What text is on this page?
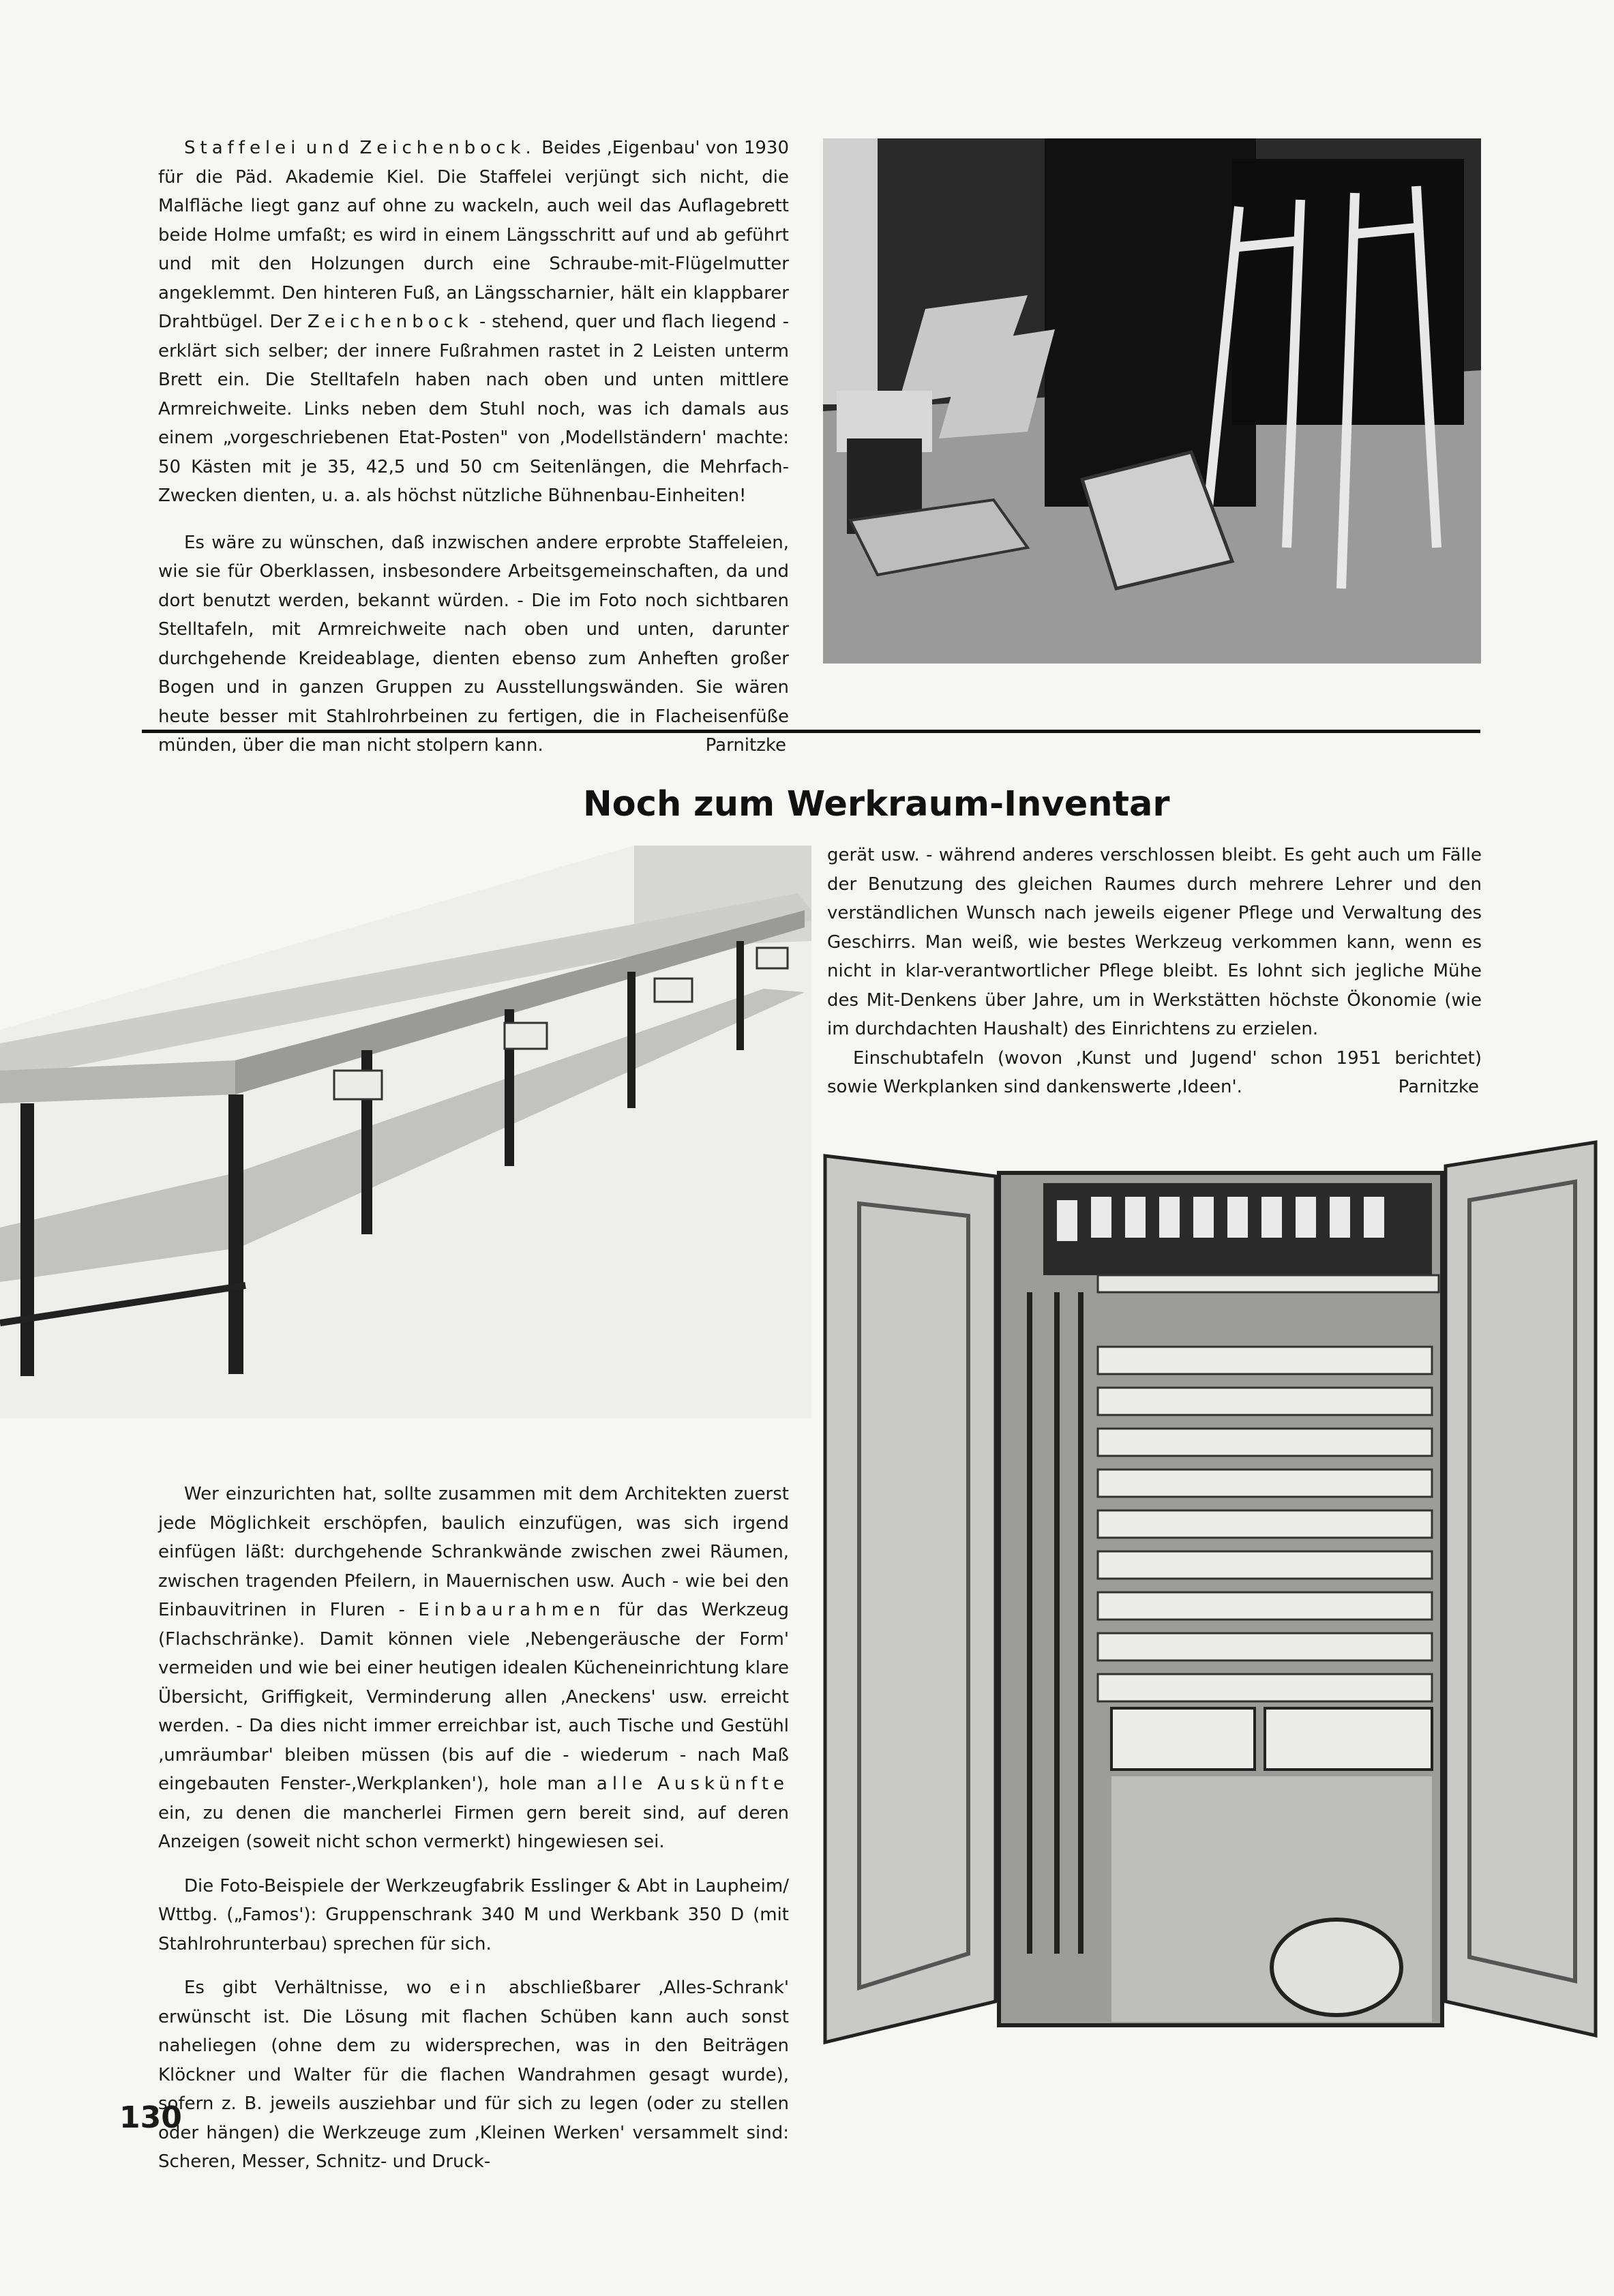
Staffelei und Zeichenbock. Beides ‚Eigenbau' von 1930 für die Päd. Akademie Kiel. Die Staffelei verjüngt sich nicht, die Malfläche liegt ganz auf ohne zu wackeln, auch weil das Auflagebrett beide Holme umfaßt; es wird in einem Längsschritt auf und ab geführt und mit den Holzungen durch eine Schraube-mit-Flügelmutter angeklemmt. Den hinteren Fuß, an Längsscharnier, hält ein klappbarer Drahtbügel. Der Zeichenbock - stehend, quer und flach liegend - erklärt sich selber; der innere Fußrahmen rastet in 2 Leisten unterm Brett ein. Die Stelltafeln haben nach oben und unten mittlere Armreichweite. Links neben dem Stuhl noch, was ich damals aus einem „vorgeschriebenen Etat-Posten" von ‚Modellständern' machte: 50 Kästen mit je 35, 42,5 und 50 cm Seitenlängen, die Mehrfach-Zwecken dienten, u. a. als höchst nützliche Bühnenbau-Einheiten!

Es wäre zu wünschen, daß inzwischen andere erprobte Staffeleien, wie sie für Oberklassen, insbesondere Arbeitsgemeinschaften, da und dort benutzt werden, bekannt würden. - Die im Foto noch sichtbaren Stelltafeln, mit Armreichweite nach oben und unten, darunter durchgehende Kreideablage, dienten ebenso zum Anheften großer Bogen und in ganzen Gruppen zu Ausstellungswänden. Sie wären heute besser mit Stahlrohrbeinen zu fertigen, die in Flacheisenfüße münden, über die man nicht stolpern kann.	Parnitzke

Noch zum Werkraum-Inventar

gerät usw. - während anderes verschlossen bleibt. Es geht auch um Fälle der Benutzung des gleichen Raumes durch mehrere Lehrer und den verständlichen Wunsch nach jeweils eigener Pflege und Verwaltung des Geschirrs. Man weiß, wie bestes Werkzeug verkommen kann, wenn es nicht in klar-verantwortlicher Pflege bleibt. Es lohnt sich jegliche Mühe des Mit-Denkens über Jahre, um in Werkstätten höchste Ökonomie (wie im durchdachten Haushalt) des Einrichtens zu erzielen.

Einschubtafeln (wovon ‚Kunst und Jugend' schon 1951 berichtet) sowie Werkplanken sind dankenswerte ‚Ideen'.	Parnitzke

Wer einzurichten hat, sollte zusammen mit dem Architekten zuerst jede Möglichkeit erschöpfen, baulich einzufügen, was sich irgend einfügen läßt: durchgehende Schrankwände zwischen zwei Räumen, zwischen tragenden Pfeilern, in Mauernischen usw. Auch - wie bei den Einbauvitrinen in Fluren - Einbaurahmen für das Werkzeug (Flachschränke). Damit können viele ‚Nebengeräusche der Form' vermeiden und wie bei einer heutigen idealen Kücheneinrichtung klare Übersicht, Griffigkeit, Verminderung allen ‚Aneckens' usw. erreicht werden. - Da dies nicht immer erreichbar ist, auch Tische und Gestühl ‚umräumbar' bleiben müssen (bis auf die - wiederum - nach Maß eingebauten Fenster-‚Werkplanken'), hole man alle Auskünfte ein, zu denen die mancherlei Firmen gern bereit sind, auf deren Anzeigen (soweit nicht schon vermerkt) hingewiesen sei.

Die Foto-Beispiele der Werkzeugfabrik Esslinger & Abt in Laupheim/ Wttbg. („Famos'): Gruppenschrank 340 M und Werkbank 350 D (mit Stahlrohrunterbau) sprechen für sich.

Es gibt Verhältnisse, wo ein abschließbarer ‚Alles-Schrank' erwünscht ist. Die Lösung mit flachen Schüben kann auch sonst naheliegen (ohne dem zu widersprechen, was in den Beiträgen Klöckner und Walter für die flachen Wandrahmen gesagt wurde), sofern z. B. jeweils ausziehbar und für sich zu legen (oder zu stellen oder hängen) die Werkzeuge zum ‚Kleinen Werken' versammelt sind: Scheren, Messer, Schnitz- und Druck-

130
